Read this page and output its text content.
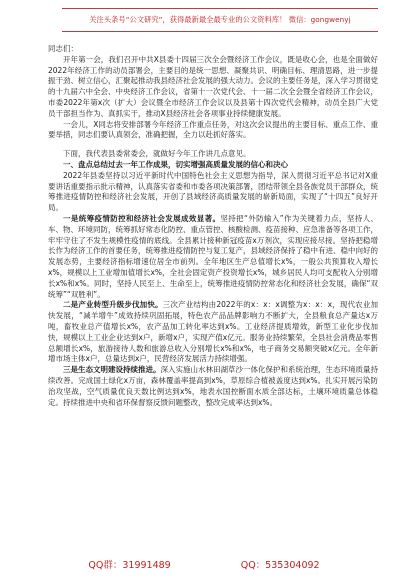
关注头条号“公文研究”，获得最新最全最专业的公文资料库！ 微信：gongwenyj

同志们：

开年第一会，我们召开中共X县委十四届三次全会暨经济工作会议，既是收心会，也是全面做好2022年经济工作的动员部署会，主要目的是统一思想、凝聚共识、明确目标、理清思路，进一步提振干劲、树立信心，汇聚起推动我县经济社会发展的强大动力。会议的主要任务是，深入学习贯彻党的十九届六中全会、中央经济工作会议，省第十一次党代会、十一届二次全会暨全省经济工作会议，市委2022年第x次（扩大）会议暨全市经济工作会议以及县第十四次党代会精神，动员全县广大党员干部担当作为、真抓实干，推动X县经济社会各项事业持续健康发展。

一会儿，X同志将安排部署今年经济工作重点任务，对这次会议提出的主要目标、重点工作、重要举措，同志们要认真领会，准确把握，全力以赴抓好落实。

下面，我代表县委常委会，就做好今年工作讲几点意见。

一、盘点总结过去一年工作成果，切实增强高质量发展的信心和决心

2022年县委坚持以习近平新时代中国特色社会主义思想为指导，深入贯彻习近平总书记对X重要讲话重要指示批示精神，认真落实省委和市委各项决策部署，团结带领全县各族党员干部群众，统筹推进疫情防控和经济社会发展，开创了县域经济高质量发展的崭新局面，实现了“十四五”良好开局。

一是统筹疫情防控和经济社会发展成效显著。坚持把“外防输入”作为关键着力点，坚持人、车、物、环境同防，统筹抓好常态化防控、重点管控、核酸检测、疫苗接种、应急准备等各项工作，牢牢守住了不发生规模性疫情的底线。全县累计接种新冠疫苗x万剂次，实现应接尽接。坚持把稳增长作为经济工作的首要任务，统筹推进疫情防控与复工复产，县域经济保持了稳中有进、稳中向好的发展态势，主要经济指标增速位居全市前列。全年地区生产总值增长x%，一般公共预算收入增长x%，规模以上工业增加值增长x%，全社会固定资产投资增长x%，城乡居民人均可支配收入分别增长x%和x%。同时，坚持人民至上、生命至上，统筹推进疫情防控常态化和经济社会发展，确保“双统筹”“双胜利”。

二是产业转型升级步伐加快。三次产业结构由2022年的x：x：x调整为x：x：x，现代农业加快发展，“减羊增牛”成效持续巩固拓展，特色农产品品牌影响力不断扩大，全县粮食总产量达x万吨，畜牧业总产值增长x%，农产品加工转化率达到x%。工业经济提质增效，新型工业化步伐加快，规模以上工业企业达到x户，新增x户，实现产值x亿元。服务业持续繁荣，全县社会消费品零售总额增长x%，旅游接待人数和旅游总收入分别增长x%和x%，电子商务交易额突破x亿元。全年新增市场主体x户，总量达到x户，民营经济发展活力持续增强。

三是生态文明建设持续推进。深入实施山水林田湖草沙一体化保护和系统治理，生态环境质量持续改善。完成国土绿化x万亩，森林覆盖率提高到x%，草原综合植被盖度达到x%。扎实开展污染防治攻坚战，空气质量优良天数比例达到x%，地表水国控断面水质全部达标，土壤环境质量总体稳定。持续推进中央和省环保督察反馈问题整改，整改完成率达到x%。

QQ群：31991489	QQ：535304092
